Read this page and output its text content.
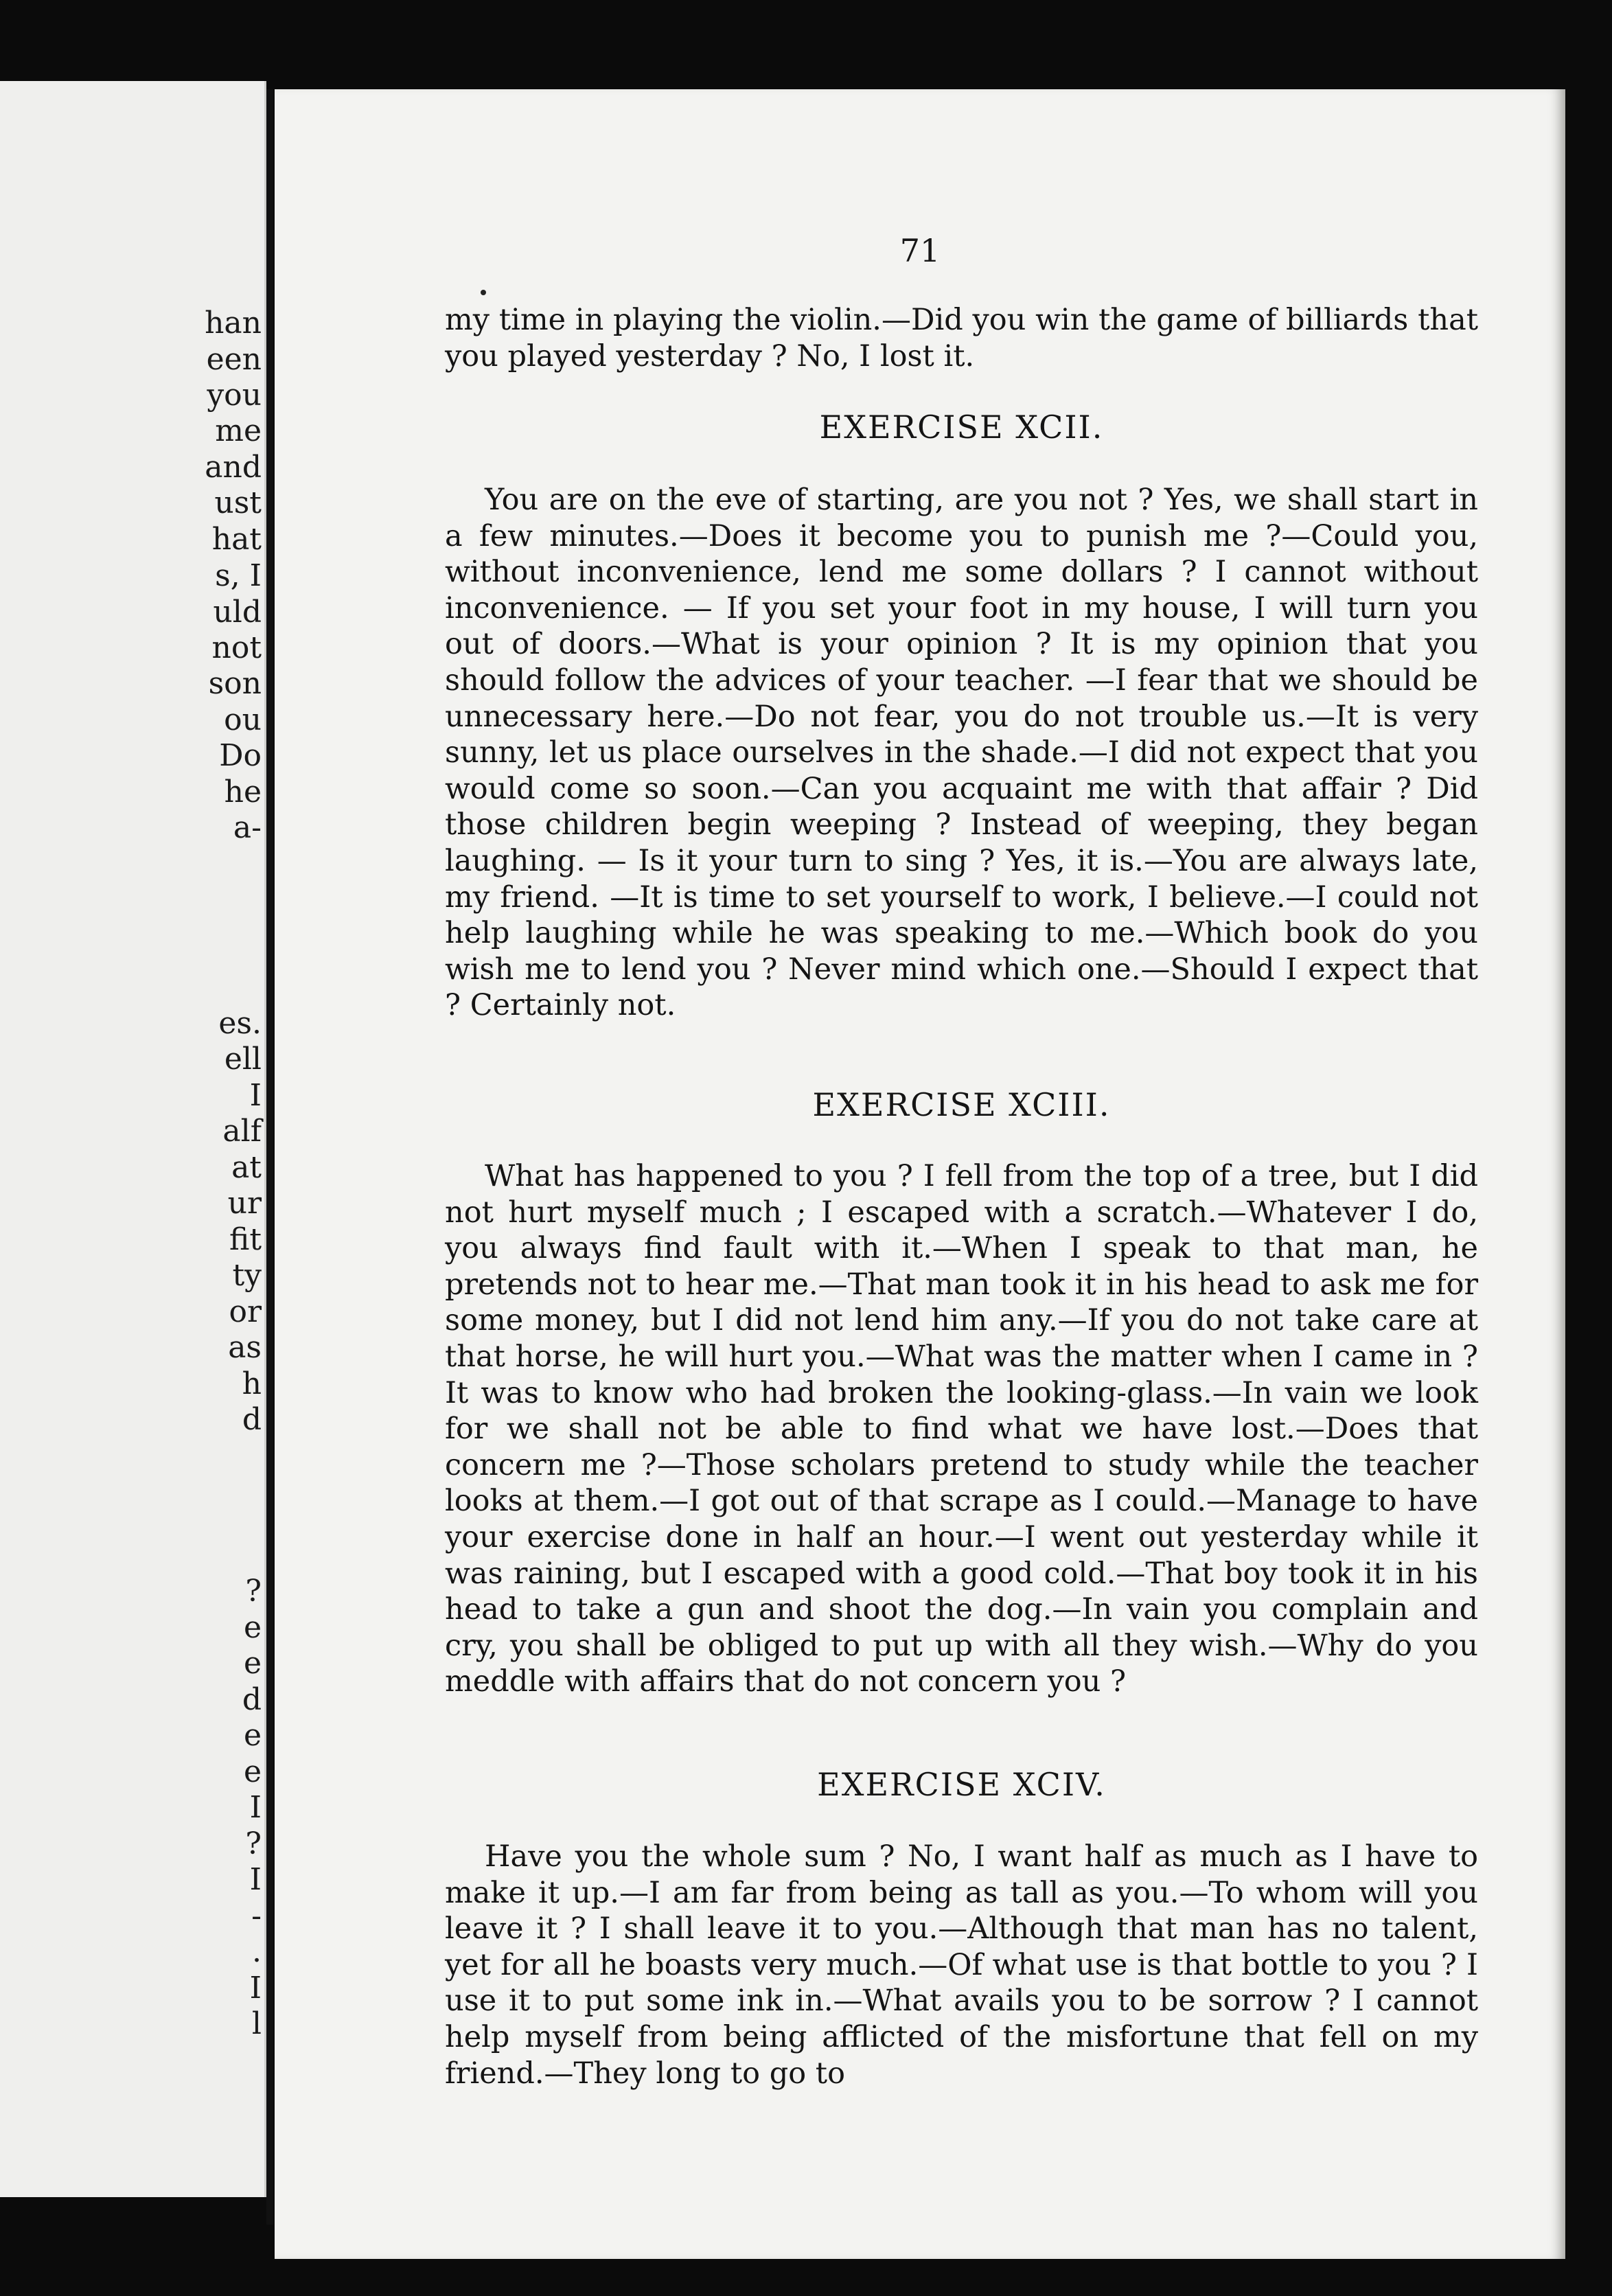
han
een
you
me
and
ust
hat
s, I
uld
not
son
ou
Do
he
a-
es.
ell
I
alf
at
ur
fit
ty
or
as
h
d
?
e
e
d
e
e
I
?
I
-
.
I
l
71

my time in playing the violin.—Did you win the game of billiards that you played yesterday ? No, I lost it.

EXERCISE XCII.

You are on the eve of starting, are you not ? Yes, we shall start in a few minutes.—Does it become you to punish me ?—Could you, without inconvenience, lend me some dollars ? I cannot without inconvenience. — If you set your foot in my house, I will turn you out of doors.—What is your opinion ? It is my opinion that you should follow the advices of your teacher. —I fear that we should be unnecessary here.—Do not fear, you do not trouble us.—It is very sunny, let us place ourselves in the shade.—I did not expect that you would come so soon.—Can you acquaint me with that affair ? Did those children begin weeping ? Instead of weeping, they began laughing. — Is it your turn to sing ? Yes, it is.—You are always late, my friend. —It is time to set yourself to work, I believe.—I could not help laughing while he was speaking to me.—Which book do you wish me to lend you ? Never mind which one.—Should I expect that ? Certainly not.

EXERCISE XCIII.

What has happened to you ? I fell from the top of a tree, but I did not hurt myself much ; I escaped with a scratch.—Whatever I do, you always find fault with it.—When I speak to that man, he pretends not to hear me.—That man took it in his head to ask me for some money, but I did not lend him any.—If you do not take care at that horse, he will hurt you.—What was the matter when I came in ? It was to know who had broken the looking-glass.—In vain we look for we shall not be able to find what we have lost.—Does that concern me ?—Those scholars pretend to study while the teacher looks at them.—I got out of that scrape as I could.—Manage to have your exercise done in half an hour.—I went out yesterday while it was raining, but I escaped with a good cold.—That boy took it in his head to take a gun and shoot the dog.—In vain you complain and cry, you shall be obliged to put up with all they wish.—Why do you meddle with affairs that do not concern you ?

EXERCISE XCIV.

Have you the whole sum ? No, I want half as much as I have to make it up.—I am far from being as tall as you.—To whom will you leave it ? I shall leave it to you.—Although that man has no talent, yet for all he boasts very much.—Of what use is that bottle to you ? I use it to put some ink in.—What avails you to be sorrow ? I cannot help myself from being afflicted of the misfortune that fell on my friend.—They long to go to
